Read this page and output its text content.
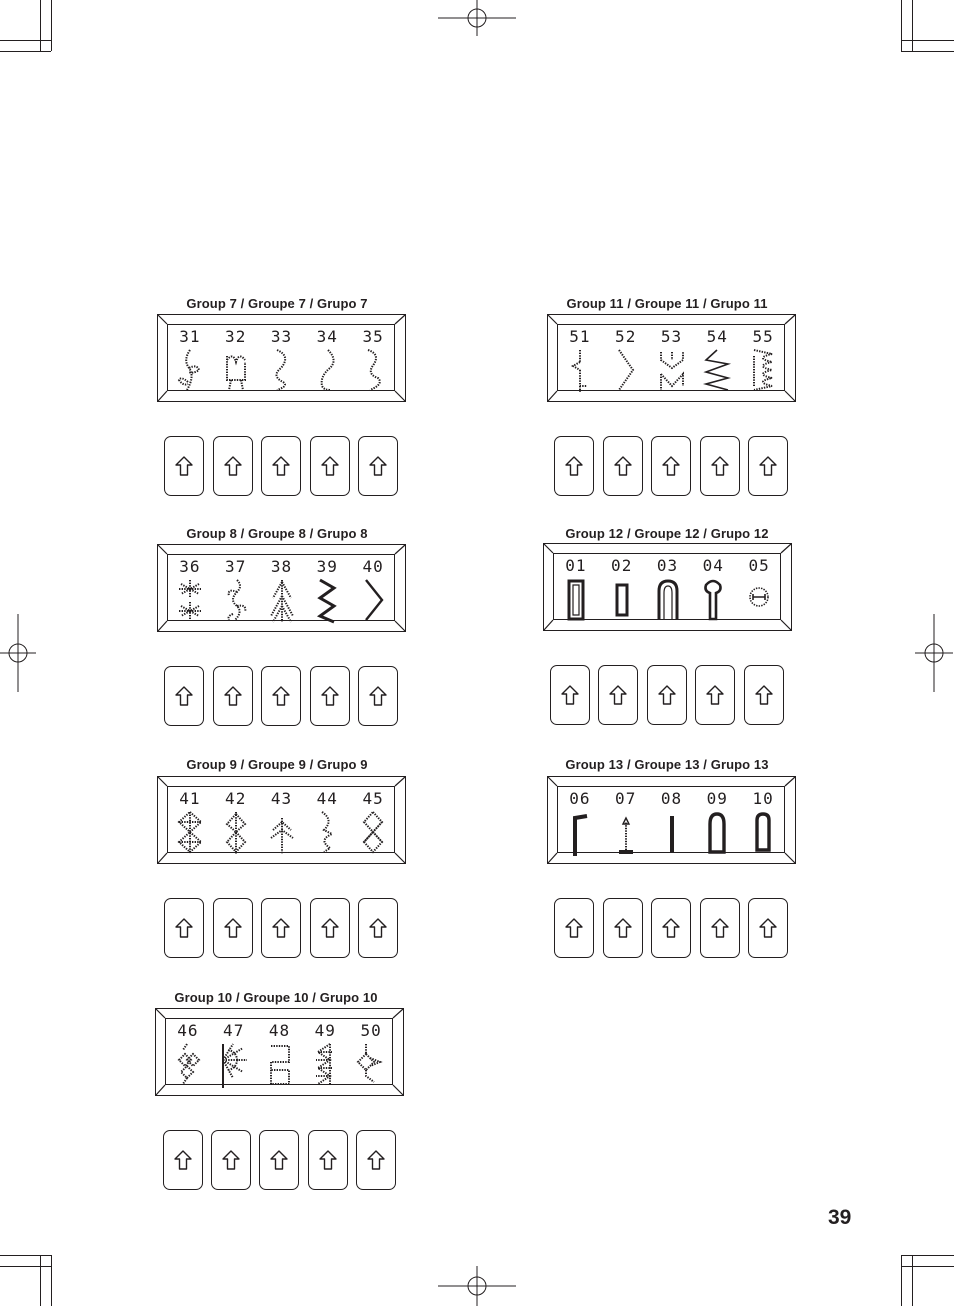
Group 7 / Groupe 7 / Grupo 7
31 32 33 34 35
Group 8 / Groupe 8 / Grupo 8
36 37 38 39 40
Group 9 / Groupe 9 / Grupo 9
41 42 43 44 45
Group 10 / Groupe 10 / Grupo 10
46 47 48 49 50
Group 11 / Groupe 11 / Grupo 11
51 52 53 54 55
Group 12 / Groupe 12 / Grupo 12
01 02 03 04 05
Group 13 / Groupe 13 / Grupo 13
06 07 08 09 10
39
